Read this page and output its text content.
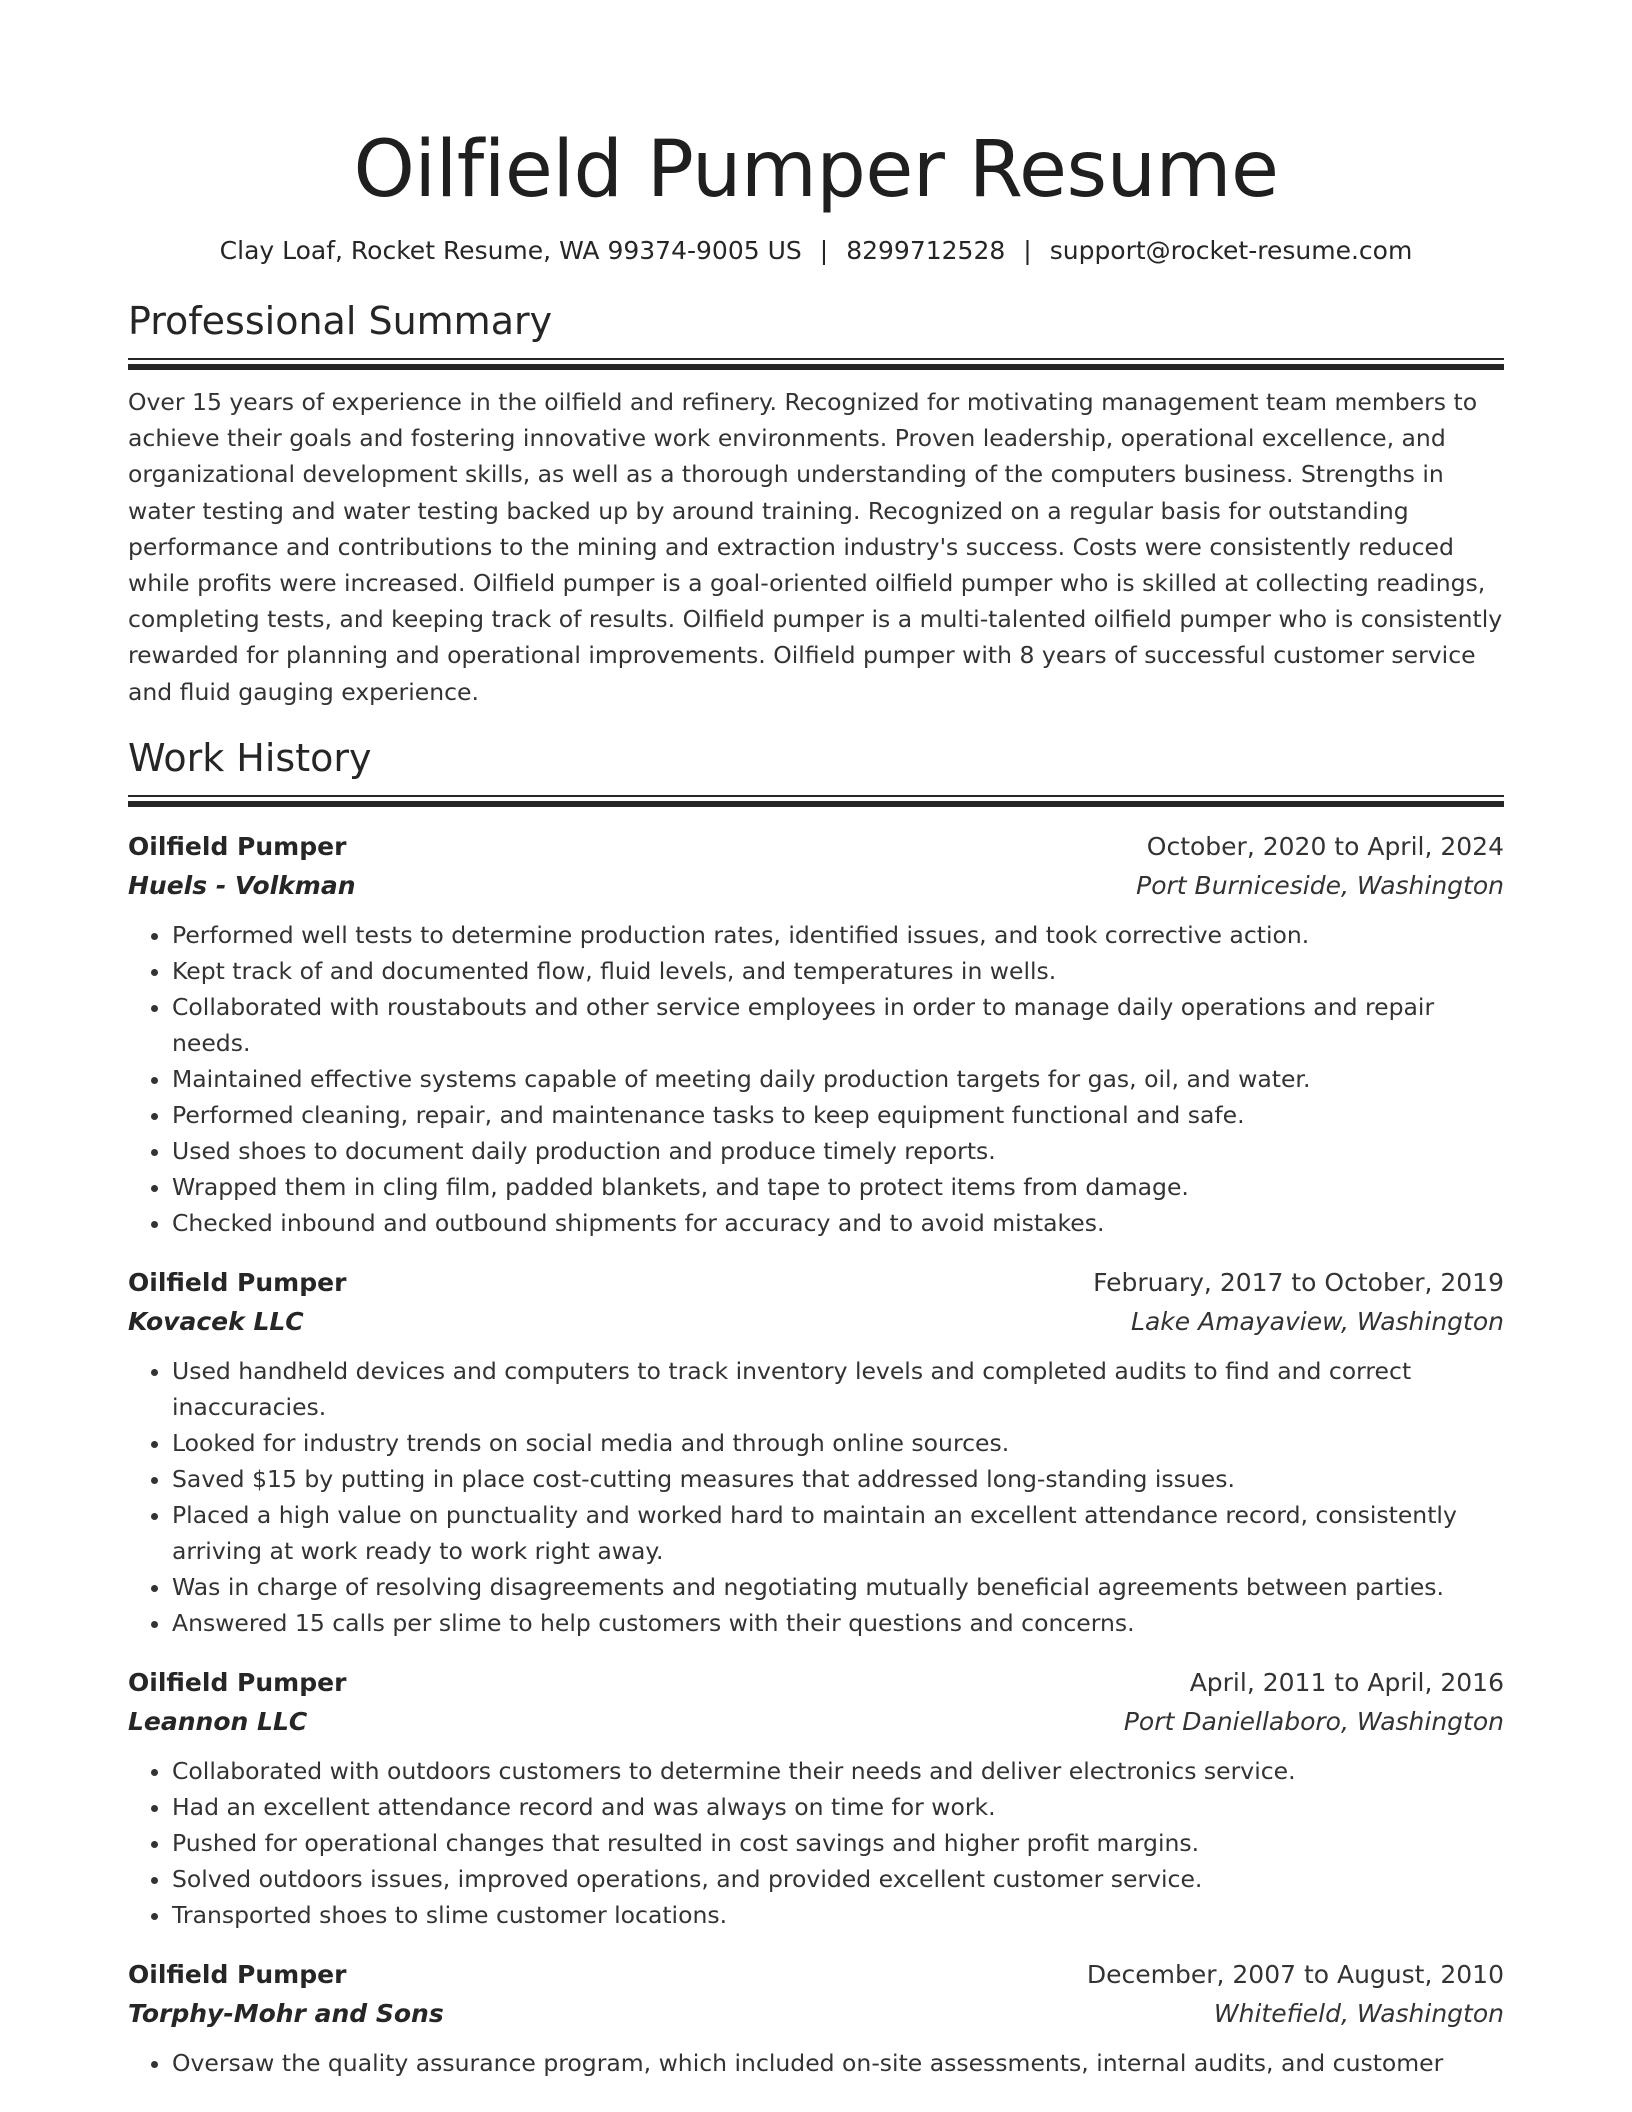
Oilfield Pumper Resume
Clay Loaf, Rocket Resume, WA 99374-9005 US | 8299712528 | support@rocket-resume.com
Professional Summary

Over 15 years of experience in the oilfield and refinery. Recognized for motivating management team members to achieve their goals and fostering innovative work environments. Proven leadership, operational excellence, and organizational development skills, as well as a thorough understanding of the computers business. Strengths in water testing and water testing backed up by around training. Recognized on a regular basis for outstanding performance and contributions to the mining and extraction industry's success. Costs were consistently reduced while profits were increased. Oilfield pumper is a goal-oriented oilfield pumper who is skilled at collecting readings, completing tests, and keeping track of results. Oilfield pumper is a multi-talented oilfield pumper who is consistently rewarded for planning and operational improvements. Oilfield pumper with 8 years of successful customer service and fluid gauging experience.

Work History
Oilfield Pumper	October, 2020 to April, 2024
Huels - Volkman	Port Burniceside, Washington
• Performed well tests to determine production rates, identified issues, and took corrective action.
• Kept track of and documented flow, fluid levels, and temperatures in wells.
• Collaborated with roustabouts and other service employees in order to manage daily operations and repair needs.
• Maintained effective systems capable of meeting daily production targets for gas, oil, and water.
• Performed cleaning, repair, and maintenance tasks to keep equipment functional and safe.
• Used shoes to document daily production and produce timely reports.
• Wrapped them in cling film, padded blankets, and tape to protect items from damage.
• Checked inbound and outbound shipments for accuracy and to avoid mistakes.
Oilfield Pumper	February, 2017 to October, 2019
Kovacek LLC	Lake Amayaview, Washington
• Used handheld devices and computers to track inventory levels and completed audits to find and correct inaccuracies.
• Looked for industry trends on social media and through online sources.
• Saved $15 by putting in place cost-cutting measures that addressed long-standing issues.
• Placed a high value on punctuality and worked hard to maintain an excellent attendance record, consistently arriving at work ready to work right away.
• Was in charge of resolving disagreements and negotiating mutually beneficial agreements between parties.
• Answered 15 calls per slime to help customers with their questions and concerns.
Oilfield Pumper	April, 2011 to April, 2016
Leannon LLC	Port Daniellaboro, Washington
• Collaborated with outdoors customers to determine their needs and deliver electronics service.
• Had an excellent attendance record and was always on time for work.
• Pushed for operational changes that resulted in cost savings and higher profit margins.
• Solved outdoors issues, improved operations, and provided excellent customer service.
• Transported shoes to slime customer locations.
Oilfield Pumper	December, 2007 to August, 2010
Torphy-Mohr and Sons	Whitefield, Washington
• Oversaw the quality assurance program, which included on-site assessments, internal audits, and customer
